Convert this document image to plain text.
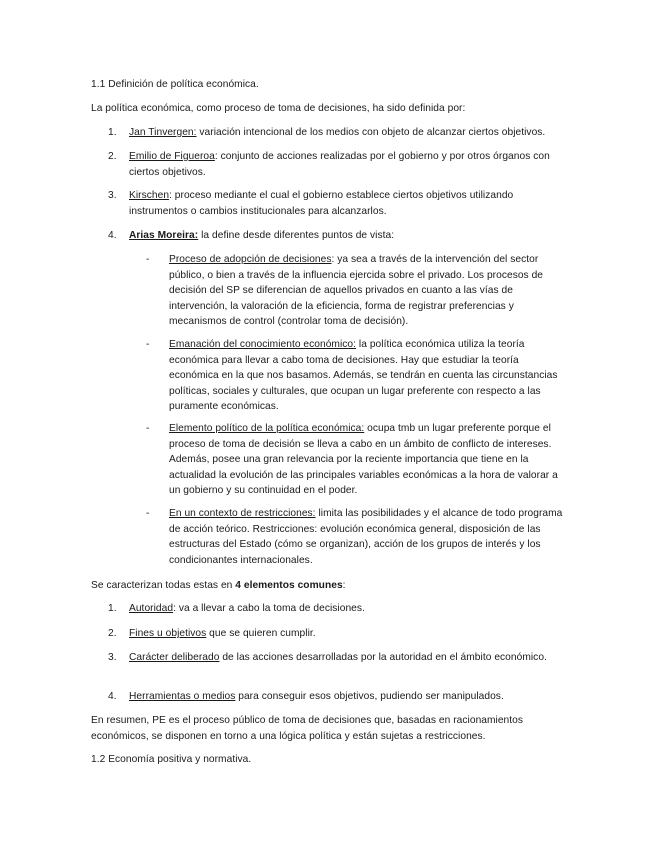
1.1 Definición de política económica.

La política económica, como proceso de toma de decisiones, ha sido definida por:

1.	Jan Tinvergen: variación intencional de los medios con objeto de alcanzar ciertos objetivos.
2.	Emilio de Figueroa: conjunto de acciones realizadas por el gobierno y por otros órganos con ciertos objetivos.
3.	Kirschen: proceso mediante el cual el gobierno establece ciertos objetivos utilizando instrumentos o cambios institucionales para alcanzarlos.
4.	Arias Moreira: la define desde diferentes puntos de vista:
-	Proceso de adopción de decisiones: ya sea a través de la intervención del sector público, o bien a través de la influencia ejercida sobre el privado. Los procesos de decisión del SP se diferencian de aquellos privados en cuanto a las vías de intervención, la valoración de la eficiencia, forma de registrar preferencias y mecanismos de control (controlar toma de decisión).
-	Emanación del conocimiento económico: la política económica utiliza la teoría económica para llevar a cabo toma de decisiones. Hay que estudiar la teoría económica en la que nos basamos. Además, se tendrán en cuenta las circunstancias políticas, sociales y culturales, que ocupan un lugar preferente con respecto a las puramente económicas.
-	Elemento político de la política económica: ocupa tmb un lugar preferente porque el proceso de toma de decisión se lleva a cabo en un ámbito de conflicto de intereses. Además, posee una gran relevancia por la reciente importancia que tiene en la actualidad la evolución de las principales variables económicas a la hora de valorar a un gobierno y su continuidad en el poder.
-	En un contexto de restricciones: limita las posibilidades y el alcance de todo programa de acción teórico. Restricciones: evolución económica general, disposición de las estructuras del Estado (cómo se organizan), acción de los grupos de interés y los condicionantes internacionales.

Se caracterizan todas estas en 4 elementos comunes:

1.	Autoridad: va a llevar a cabo la toma de decisiones.
2.	Fines u objetivos que se quieren cumplir.
3.	Carácter deliberado de las acciones desarrolladas por la autoridad en el ámbito económico.
4.	Herramientas o medios para conseguir esos objetivos, pudiendo ser manipulados.

En resumen, PE es el proceso público de toma de decisiones que, basadas en racionamientos económicos, se disponen en torno a una lógica política y están sujetas a restricciones.

1.2 Economía positiva y normativa.
